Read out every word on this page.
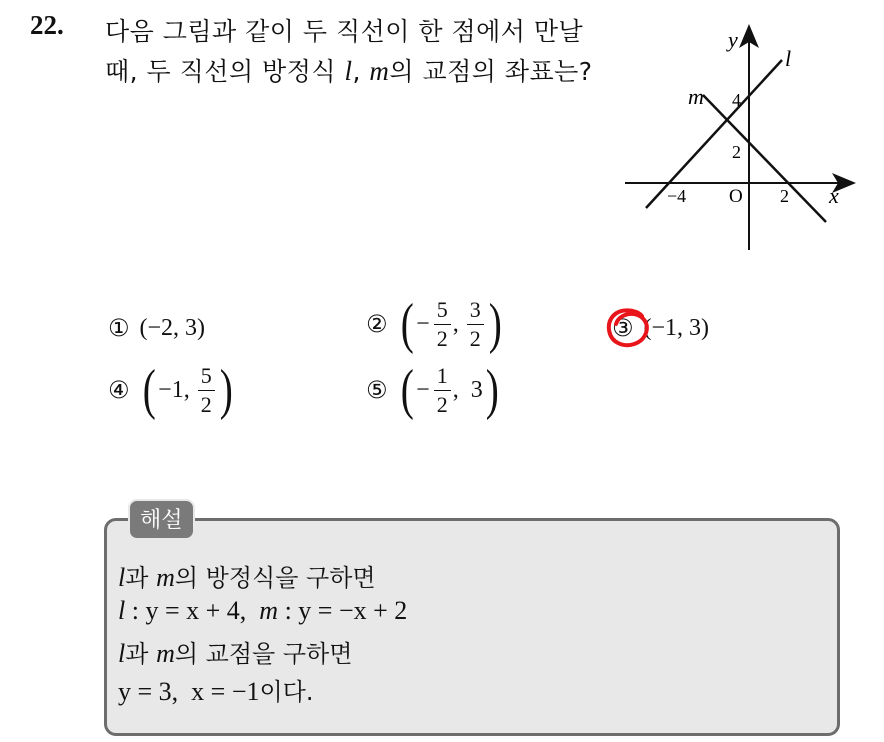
22. 다음 그림과 같이 두 직선이 한 점에서 만날
때, 두 직선의 방정식 l, m의 교점의 좌표는?
y
x
l
m 4
2
O
−4	2
① (−2, 3)	② ( − $\frac{5}{2}$ , $\frac{3}{2}$ )	③ (−1, 3)
④ ( −1, $\frac{5}{2}$ )	⑤ ( − $\frac{1}{2}$ ,  3 )
해설
l과 m의 방정식을 구하면
l : y = x + 4,  m : y = −x + 2
l과 m의 교점을 구하면
y = 3,  x = −1이다.
